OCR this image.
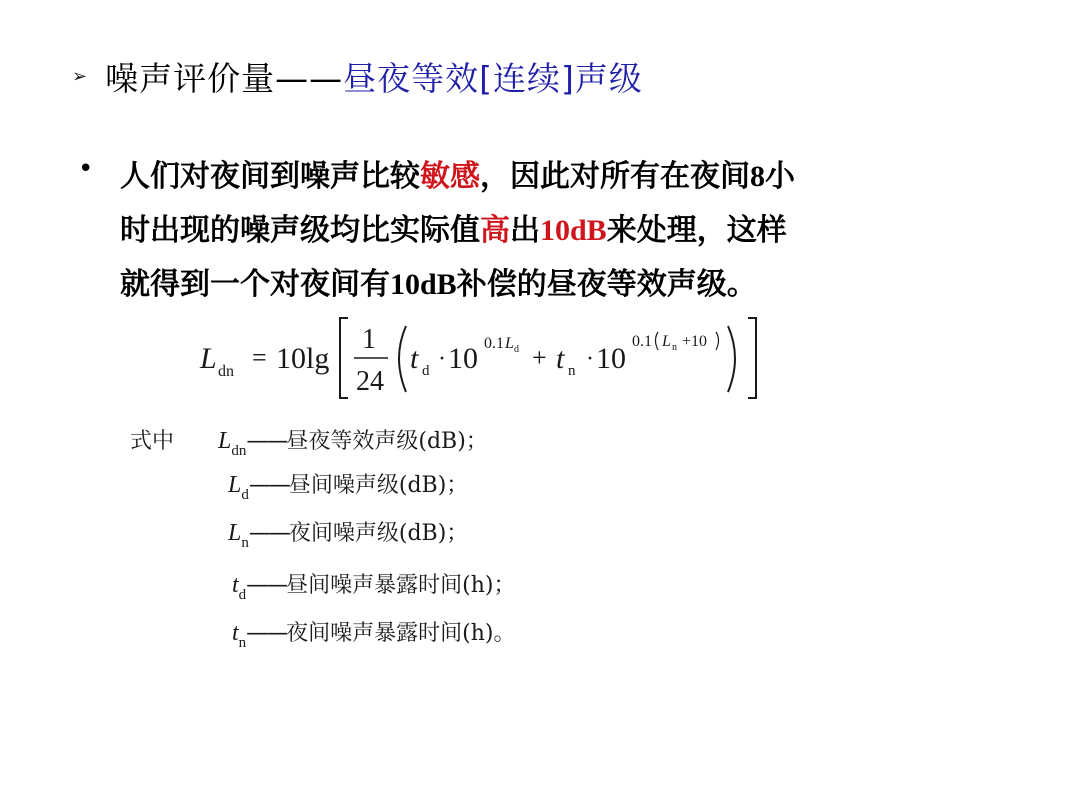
➢ 噪声评价量——昼夜等效[连续]声级
• 人们对夜间到噪声比较敏感，因此对所有在夜间8小
时出现的噪声级均比实际值高出10dB来处理，这样
就得到一个对夜间有10dB补偿的昼夜等效声级。
L dn = 10lg
1
24
t d · 10 0.1 L d + t n · 10
0.1 L n +10
式中 L dn —— 昼夜等效声级(dB)；
L d —— 昼间噪声级(dB)；
L n —— 夜间噪声级(dB)；
t d —— 昼间噪声暴露时间(h)；
t n —— 夜间噪声暴露时间(h)。
